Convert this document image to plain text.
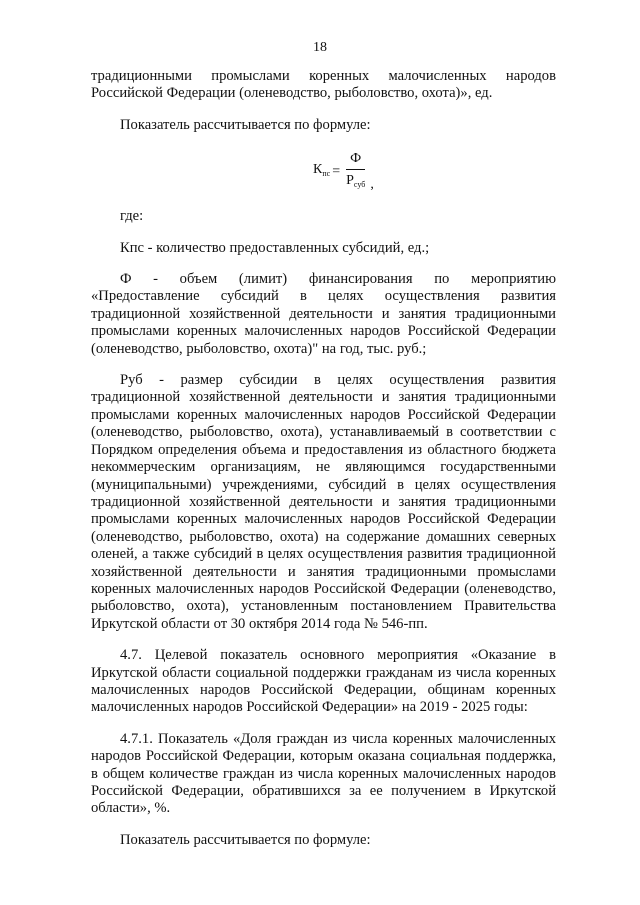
18

традиционными промыслами коренных малочисленных народов Российской Федерации (оленеводство, рыболовство, охота)», ед.

Показатель рассчитывается по формуле:

$К_{пс} = \frac{Ф}{Р_{суб}}$ ,

где:

Кпс - количество предоставленных субсидий, ед.;

Ф - объем (лимит) финансирования по мероприятию «Предоставление субсидий в целях осуществления развития традиционной хозяйственной деятельности и занятия традиционными промыслами коренных малочисленных народов Российской Федерации (оленеводство, рыболовство, охота)" на год, тыс. руб.;

Руб - размер субсидии в целях осуществления развития традиционной хозяйственной деятельности и занятия традиционными промыслами коренных малочисленных народов Российской Федерации (оленеводство, рыболовство, охота), устанавливаемый в соответствии с Порядком определения объема и предоставления из областного бюджета некоммерческим организациям, не являющимся государственными (муниципальными) учреждениями, субсидий в целях осуществления традиционной хозяйственной деятельности и занятия традиционными промыслами коренных малочисленных народов Российской Федерации (оленеводство, рыболовство, охота) на содержание домашних северных оленей, а также субсидий в целях осуществления развития традиционной хозяйственной деятельности и занятия традиционными промыслами коренных малочисленных народов Российской Федерации (оленеводство, рыболовство, охота), установленным постановлением Правительства Иркутской области от 30 октября 2014 года № 546-пп.

4.7. Целевой показатель основного мероприятия «Оказание в Иркутской области социальной поддержки гражданам из числа коренных малочисленных народов Российской Федерации, общинам коренных малочисленных народов Российской Федерации» на 2019 - 2025 годы:

4.7.1. Показатель «Доля граждан из числа коренных малочисленных народов Российской Федерации, которым оказана социальная поддержка, в общем количестве граждан из числа коренных малочисленных народов Российской Федерации, обратившихся за ее получением в Иркутской области», %.

Показатель рассчитывается по формуле:
